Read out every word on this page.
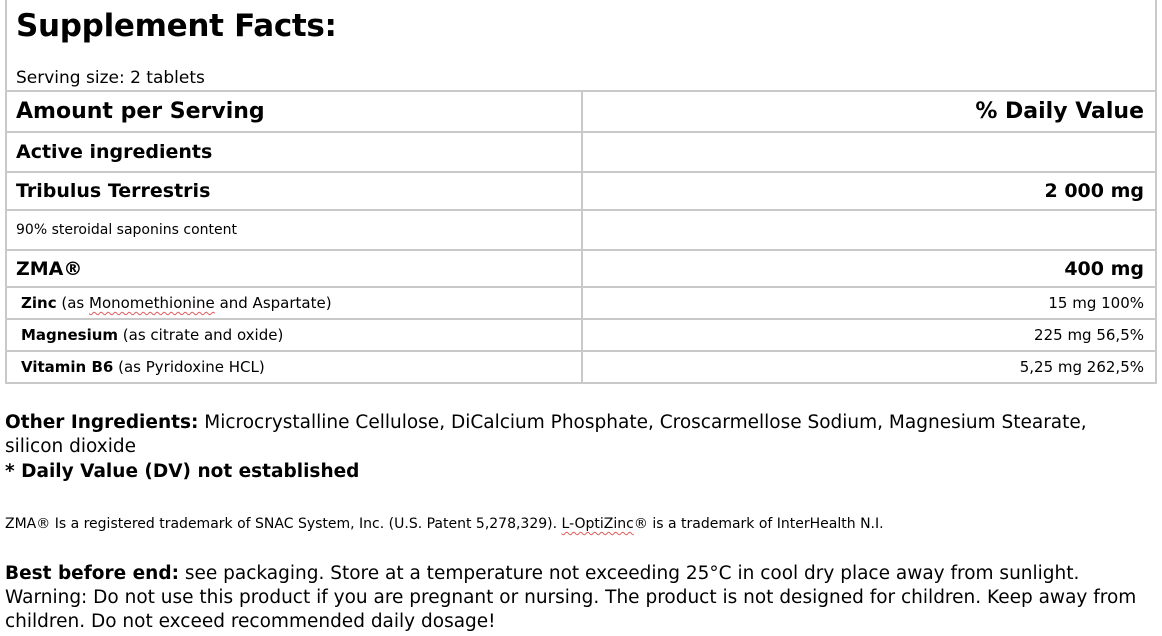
Supplement Facts:
Serving size: 2 tablets
Amount per Serving	% Daily Value
Active ingredients	
Tribulus Terrestris	2 000 mg
90% steroidal saponins content	
ZMA®	400 mg
Zinc (as Monomethionine and Aspartate)	15 mg 100%
Magnesium (as citrate and oxide)	225 mg 56,5%
Vitamin B6 (as Pyridoxine HCL)	5,25 mg 262,5%
Other Ingredients: Microcrystalline Cellulose, DiCalcium Phosphate, Croscarmellose Sodium, Magnesium Stearate, silicon dioxide
* Daily Value (DV) not established
ZMA® Is a registered trademark of SNAC System, Inc. (U.S. Patent 5,278,329). L-OptiZinc® is a trademark of InterHealth N.I.
Best before end: see packaging. Store at a temperature not exceeding 25°C in cool dry place away from sunlight. Warning: Do not use this product if you are pregnant or nursing. The product is not designed for children. Keep away from children. Do not exceed recommended daily dosage!
